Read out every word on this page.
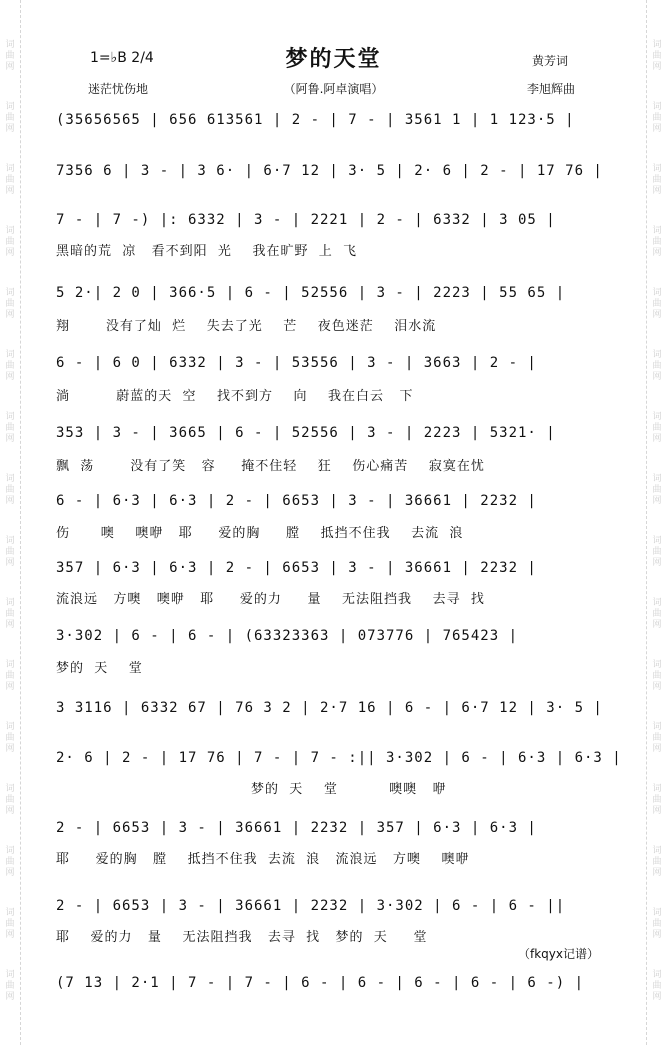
词
曲
网
词
曲
网
词
曲
网
词
曲
网
词
曲
网
词
曲
网
词
曲
网
词
曲
网
词
曲
网
词
曲
网
词
曲
网
词
曲
网
词
曲
网
词
曲
网
词
曲
网
词
曲
网
词
曲
网
词
曲
网
词
曲
网
词
曲
网
词
曲
网
词
曲
网
词
曲
网
词
曲
网
词
曲
网
词
曲
网
词
曲
网
词
曲
网
词
曲
网
词
曲
网
词
曲
网
词
曲
网
1=♭B 2/4	梦的天堂	黄芳词
迷茫忧伤地	（阿鲁.阿卓演唱）	李旭辉曲
(35656565 | 656 613561 | 2 - | 7 - | 3561 1 | 1 123·5 |
7356 6 | 3 - | 3 6· | 6·7 12 | 3· 5 | 2· 6 | 2 - | 17 76 |
7 - | 7 -) |: 6332 | 3 - | 2221 | 2 - | 6332 | 3 05 |
黑暗的荒  凉   看不到阳  光    我在旷野  上  飞
5 2·| 2 0 | 366·5 | 6 - | 52556 | 3 - | 2223 | 55 65 |
翔       没有了灿  烂    失去了光    芒    夜色迷茫    泪水流
6 - | 6 0 | 6332 | 3 - | 53556 | 3 - | 3663 | 2 - |
淌         蔚蓝的天  空    找不到方    向    我在白云   下
353 | 3 - | 3665 | 6 - | 52556 | 3 - | 2223 | 5321· |
飘  荡       没有了笑   容     掩不住轻    狂    伤心痛苦    寂寞在忧
6 - | 6·3 | 6·3 | 2 - | 6653 | 3 - | 36661 | 2232 |
伤      噢    噢咿   耶     爱的胸     膛    抵挡不住我    去流  浪
357 | 6·3 | 6·3 | 2 - | 6653 | 3 - | 36661 | 2232 |
流浪远   方噢   噢咿   耶     爱的力     量    无法阻挡我    去寻  找
3·302 | 6 - | 6 - | (63323363 | 073776 | 765423 |
梦的  天    堂
3 3116 | 6332 67 | 76 3 2 | 2·7 16 | 6 - | 6·7 12 | 3· 5 |
2· 6 | 2 - | 17 76 | 7 - | 7 - :|| 3·302 | 6 - | 6·3 | 6·3 |
梦的  天    堂          噢噢   咿
2 - | 6653 | 3 - | 36661 | 2232 | 357 | 6·3 | 6·3 |
耶     爱的胸   膛    抵挡不住我  去流  浪   流浪远   方噢    噢咿
2 - | 6653 | 3 - | 36661 | 2232 | 3·302 | 6 - | 6 - ||
耶    爱的力   量    无法阻挡我   去寻  找   梦的  天     堂
（fkqyx记谱）
(7 13 | 2·1 | 7 - | 7 - | 6 - | 6 - | 6 - | 6 - | 6 -) |
